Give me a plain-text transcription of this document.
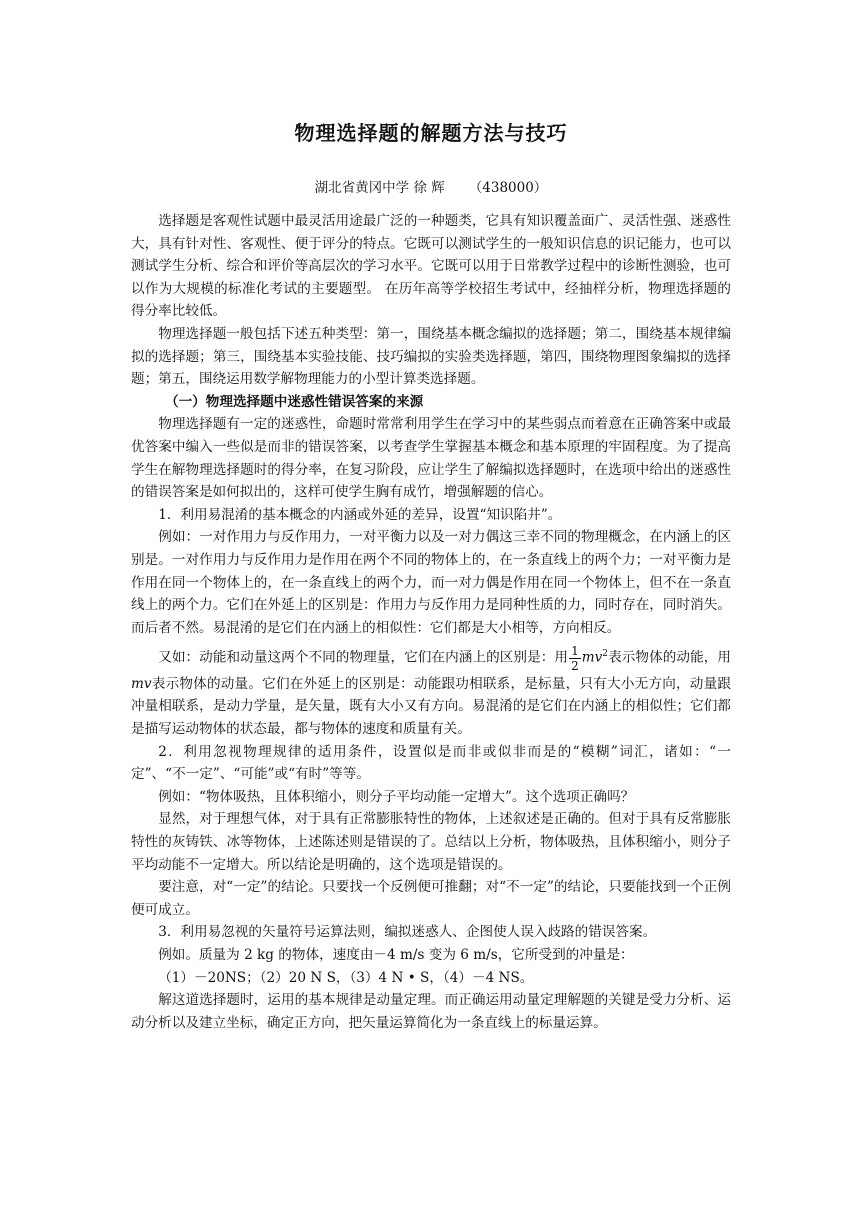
物理选择题的解题方法与技巧
湖北省黄冈中学 徐 辉 （438000）

选择题是客观性试题中最灵活用途最广泛的一种题类，它具有知识覆盖面广、灵活性强、迷惑性大，具有针对性、客观性、便于评分的特点。它既可以测试学生的一般知识信息的识记能力，也可以测试学生分析、综合和评价等高层次的学习水平。它既可以用于日常教学过程中的诊断性测验，也可以作为大规模的标准化考试的主要题型。 在历年高等学校招生考试中，经抽样分析，物理选择题的得分率比较低。

物理选择题一般包括下述五种类型：第一，围绕基本概念编拟的选择题；第二，围绕基本规律编拟的选择题；第三，围绕基本实验技能、技巧编拟的实验类选择题，第四，围绕物理图象编拟的选择题；第五，围绕运用数学解物理能力的小型计算类选择题。

（一）物理选择题中迷惑性错误答案的来源

物理选择题有一定的迷惑性，命题时常常利用学生在学习中的某些弱点而着意在正确答案中或最优答案中编入一些似是而非的错误答案，以考查学生掌握基本概念和基本原理的牢固程度。为了提高学生在解物理选择题时的得分率，在复习阶段，应让学生了解编拟选择题时，在选项中给出的迷惑性的错误答案是如何拟出的，这样可使学生胸有成竹，增强解题的信心。

1．利用易混淆的基本概念的内涵或外延的差异，设置“知识陷井”。

例如：一对作用力与反作用力，一对平衡力以及一对力偶这三幸不同的物理概念，在内涵上的区别是。一对作用力与反作用力是作用在两个不同的物体上的，在一条直线上的两个力；一对平衡力是作用在同一个物体上的，在一条直线上的两个力，而一对力偶是作用在同一个物体上，但不在一条直线上的两个力。它们在外延上的区别是：作用力与反作用力是同种性质的力，同时存在，同时消失。而后者不然。易混淆的是它们在内涵上的相似性：它们都是大小相等，方向相反。

又如：动能和动量这两个不同的物理量，它们在内涵上的区别是：用 $\frac{1}{2} mv^2$表示物体的动能，用mv表示物体的动量。它们在外延上的区别是：动能跟功相联系，是标量，只有大小无方向，动量跟冲量相联系，是动力学量，是矢量，既有大小又有方向。易混淆的是它们在内涵上的相似性；它们都是描写运动物体的状态最，都与物体的速度和质量有关。

2．利用忽视物理规律的适用条件，设置似是而非或似非而是的“模糊”词汇，诸如：“一定”、“不一定”、“可能”或“有时”等等。

例如：“物体吸热，且体积缩小，则分子平均动能一定增大”。这个选项正确吗？

显然，对于理想气体，对于具有正常膨胀特性的物体，上述叙述是正确的。但对于具有反常膨胀特性的灰铸铁、冰等物体，上述陈述则是错误的了。总结以上分析，物体吸热，且体积缩小，则分子平均动能不一定增大。所以结论是明确的，这个选项是错误的。

要注意，对“一定”的结论。只要找一个反例便可推翻；对“不一定”的结论，只要能找到一个正例便可成立。

3．利用易忽视的矢量符号运算法则，编拟迷惑人、企图使人误入歧路的错误答案。

例如。质量为 2 kg 的物体，速度由－4 m/s 变为 6 m/s，它所受到的冲量是：

（1）－20NS；（2）20 N S，（3）4 N • S，（4）－4 NS。

解这道选择题时，运用的基本规律是动量定理。而正确运用动量定理解题的关键是受力分析、运动分析以及建立坐标，确定正方向，把矢量运算简化为一条直线上的标量运算。
